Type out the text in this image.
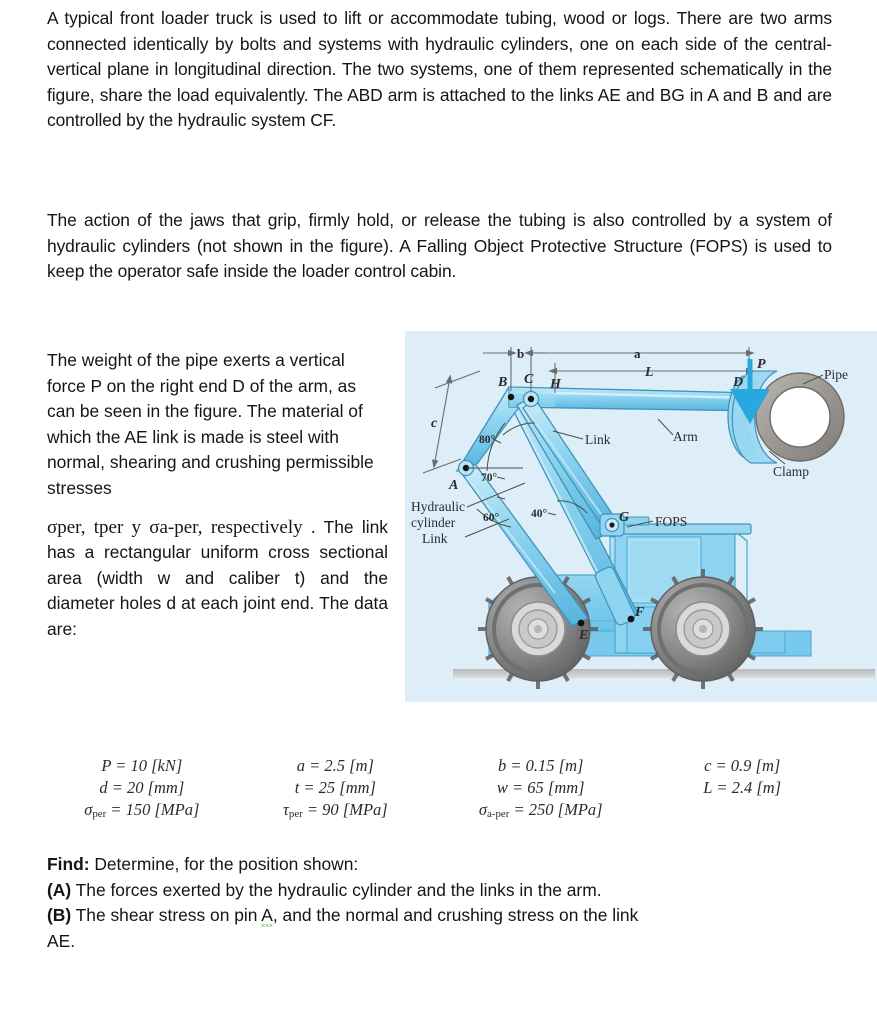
A typical front loader truck is used to lift or accommodate tubing, wood or logs. There are two arms connected identically by bolts and systems with hydraulic cylinders, one on each side of the central-vertical plane in longitudinal direction. The two systems, one of them represented schematically in the figure, share the load equivalently. The ABD arm is attached to the links AE and BG in A and B and are controlled by the hydraulic system CF.
The action of the jaws that grip, firmly hold, or release the tubing is also controlled by a system of hydraulic cylinders (not shown in the figure). A Falling Object Protective Structure (FOPS) is used to keep the operator safe inside the loader control cabin.
The weight of the pipe exerts a vertical force P on the right end D of the arm, as can be seen in the figure. The material of which the AE link is made is steel with normal, shearing and crushing permissible stresses
σper, tper y σa-per, respectively . The link has a rectangular uniform cross sectional area (width w and caliber t) and the diameter holes d at each joint end. The data are:
b	a
L
c
P
B C H	D
A
G
E
F
80°
70°
60°	40°
Pipe
Arm
Clamp
Link
FOPS
Hydraulic
cylinder
Link
P = 10 [kN]	a = 2.5 [m]	b = 0.15 [m]	c = 0.9 [m]
d = 20 [mm]	t = 25 [mm]	w = 65 [mm]	L = 2.4 [m]
$\sigma_{per} = 150$ [MPa]	$\tau_{per} = 90$ [MPa]	$\sigma_{a-per} = 250$ [MPa]	
Find: Determine, for the position shown:
(A) The forces exerted by the hydraulic cylinder and the links in the arm.
(B) The shear stress on pin A, and the normal and crushing stress on the link
AE.
